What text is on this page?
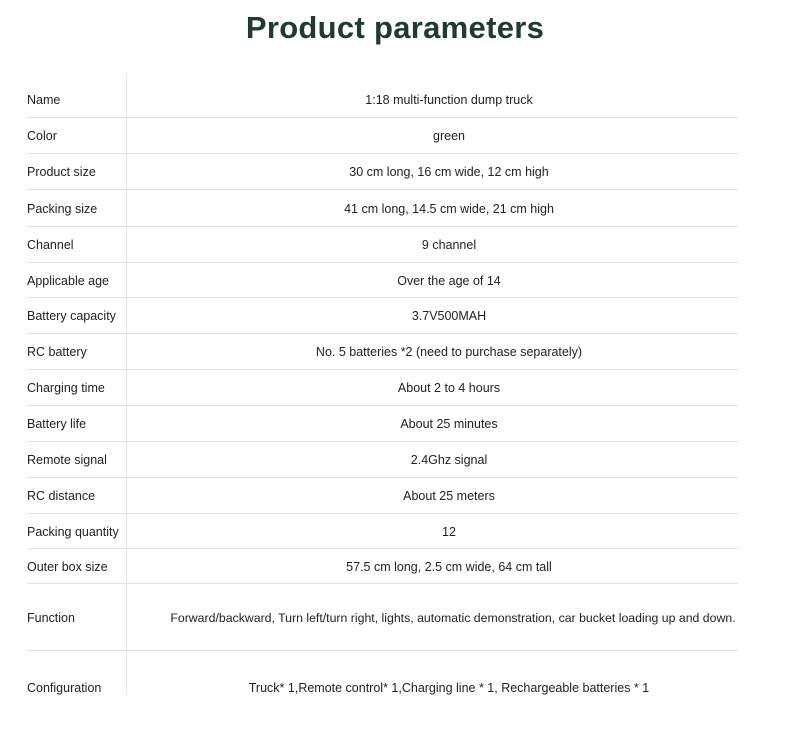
Product parameters
Name	1:18 multi-function dump truck
Color	green
Product size	30 cm long, 16 cm wide, 12 cm high
Packing size	41 cm long, 14.5 cm wide, 21 cm high
Channel	9 channel
Applicable age	Over the age of 14
Battery capacity	3.7V500MAH
RC battery	No. 5 batteries *2 (need to purchase separately)
Charging time	About 2 to 4 hours
Battery life	About 25 minutes
Remote signal	2.4Ghz signal
RC distance	About 25 meters
Packing quantity	12
Outer box size	57.5 cm long, 2.5 cm wide, 64 cm tall
Function	Forward/backward, Turn left/turn right, lights, automatic demonstration, car bucket loading up and down.
Configuration	Truck* 1,Remote control* 1,Charging line * 1, Rechargeable batteries * 1
